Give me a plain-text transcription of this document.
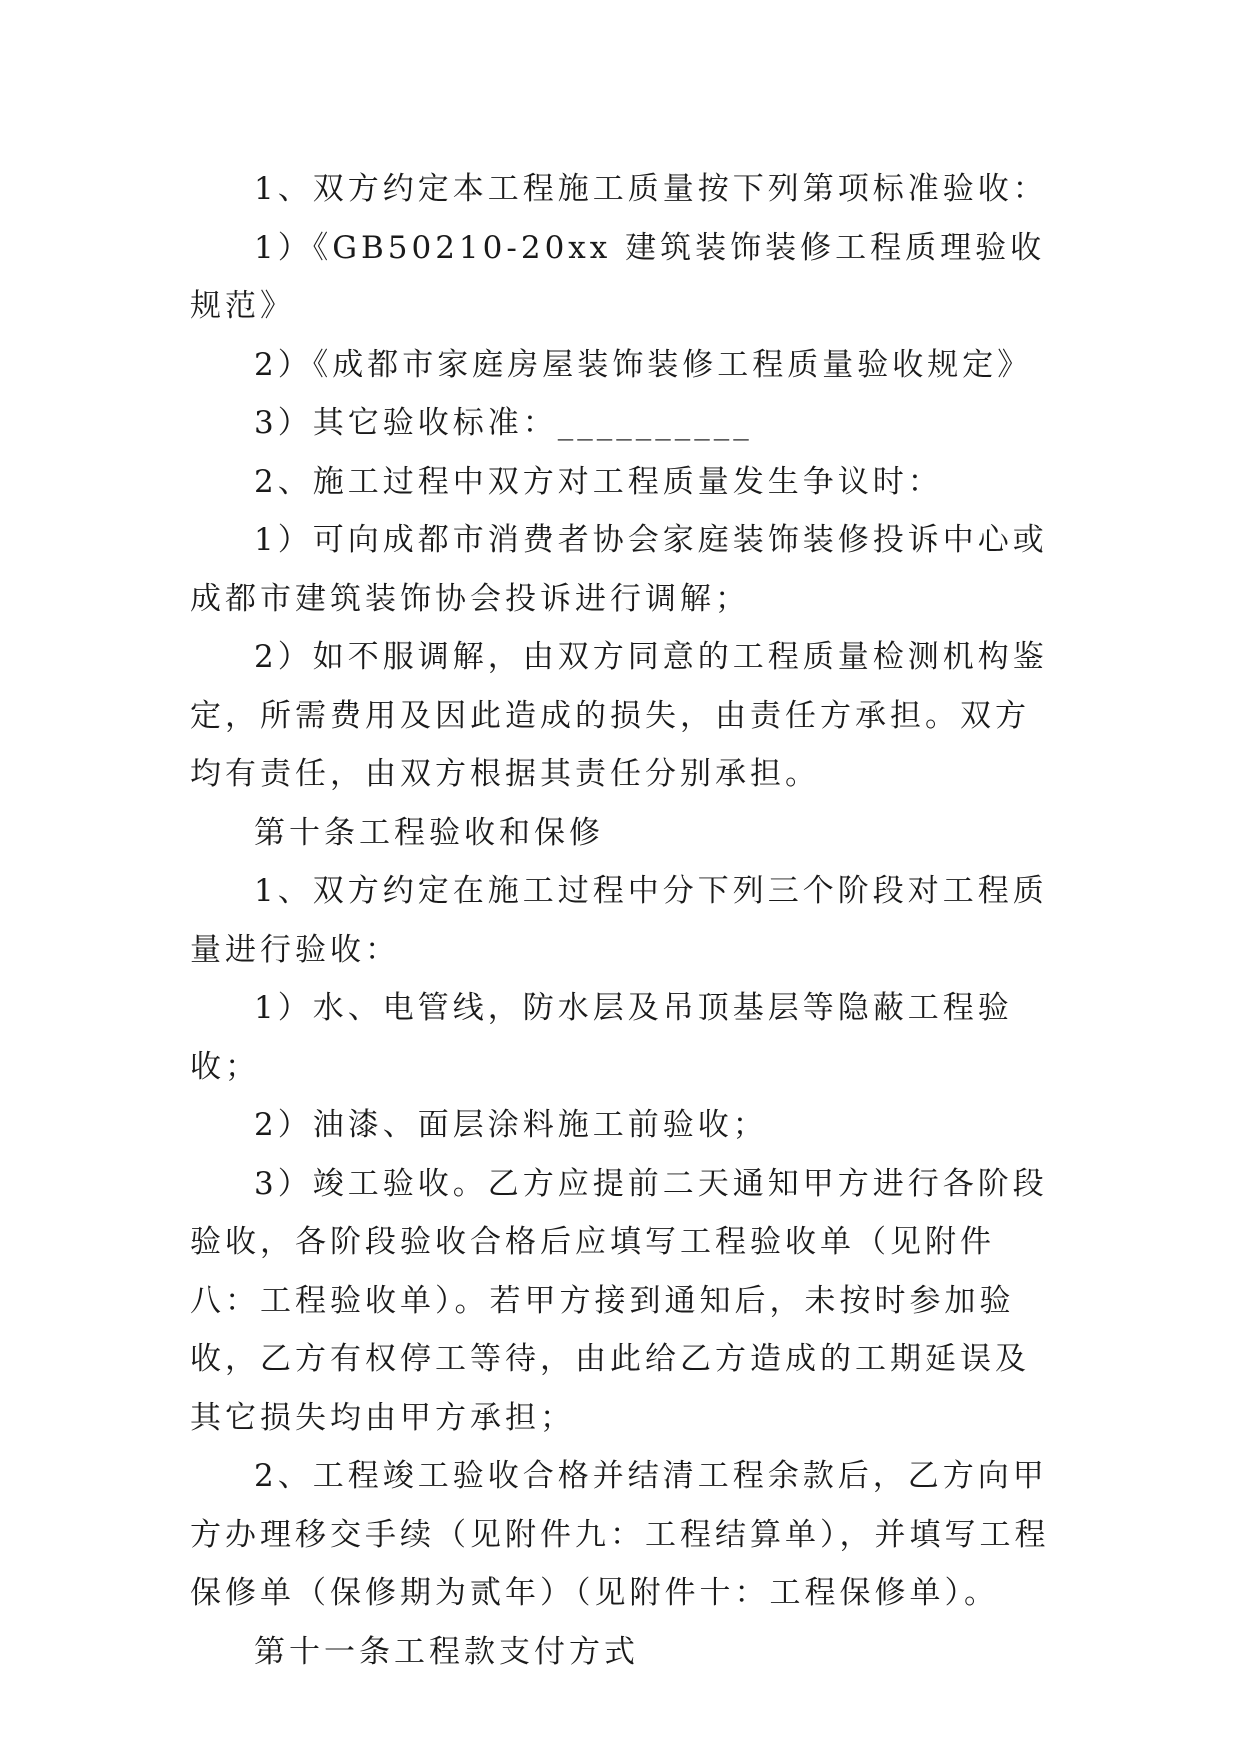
1、双方约定本工程施工质量按下列第项标准验收：

1）《GB50210-20xx 建筑装饰装修工程质理验收规范》

2）《成都市家庭房屋装饰装修工程质量验收规定》

3）其它验收标准：__________

2、施工过程中双方对工程质量发生争议时：

1）可向成都市消费者协会家庭装饰装修投诉中心或成都市建筑装饰协会投诉进行调解；

2）如不服调解，由双方同意的工程质量检测机构鉴定，所需费用及因此造成的损失，由责任方承担。双方均有责任，由双方根据其责任分别承担。

第十条工程验收和保修

1、双方约定在施工过程中分下列三个阶段对工程质量进行验收：

1）水、电管线，防水层及吊顶基层等隐蔽工程验收；

2）油漆、面层涂料施工前验收；

3）竣工验收。乙方应提前二天通知甲方进行各阶段验收，各阶段验收合格后应填写工程验收单（见附件八：工程验收单）。若甲方接到通知后，未按时参加验收，乙方有权停工等待，由此给乙方造成的工期延误及其它损失均由甲方承担；

2、工程竣工验收合格并结清工程余款后，乙方向甲方办理移交手续（见附件九：工程结算单），并填写工程保修单（保修期为贰年）（见附件十：工程保修单）。

第十一条工程款支付方式
